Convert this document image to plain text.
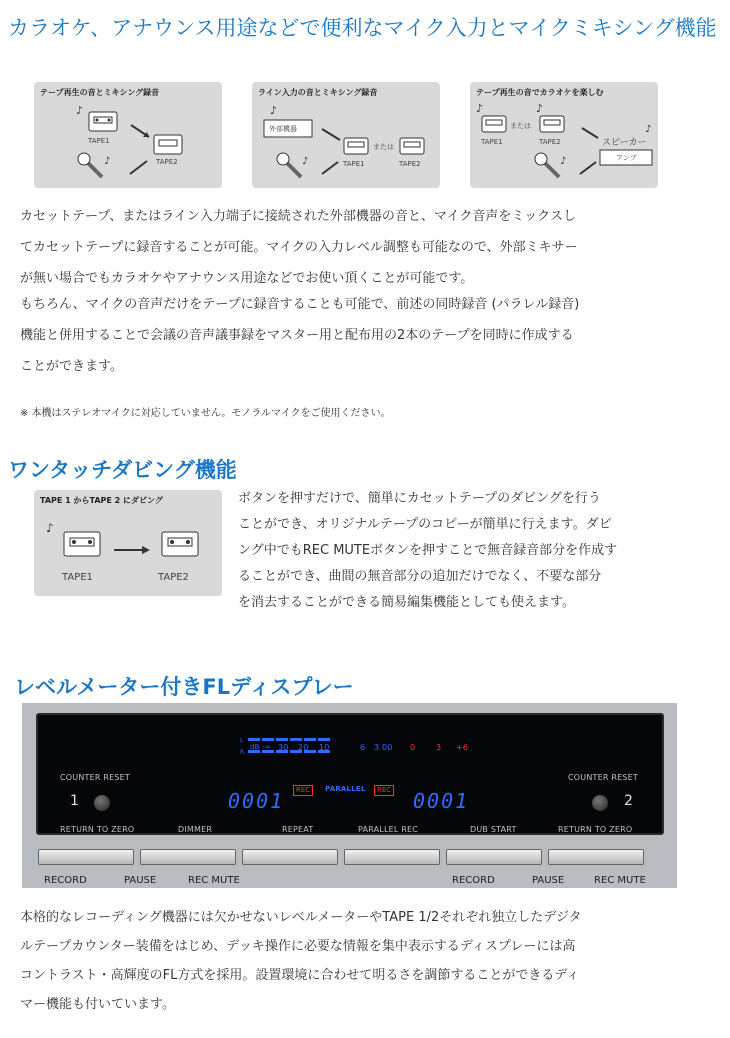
カラオケ、アナウンス用途などで便利なマイク入力とマイクミキシング機能
テープ再生の音とミキシング録音
♪
♪
TAPE1
TAPE2
ライン入力の音とミキシング録音
♪
♪
外部機器
または
TAPE1	TAPE2
テープ再生の音でカラオケを楽しむ
♪	♪
♪
♪
または
TAPE1	TAPE2	スピーカー
アンプ
カセットテープ、またはライン入力端子に接続された外部機器の音と、マイク音声をミックスし
てカセットテープに録音することが可能。マイクの入力レベル調整も可能なので、外部ミキサー
が無い場合でもカラオケやアナウンス用途などでお使い頂くことが可能です。
もちろん、マイクの音声だけをテープに録音することも可能で、前述の同時録音 (パラレル録音)
機能と併用することで会議の音声議事録をマスター用と配布用の2本のテープを同時に作成する
ことができます。
※ 本機はステレオマイクに対応していません。モノラルマイクをご使用ください。
ワンタッチダビング機能
TAPE 1 からTAPE 2 にダビング
♪
TAPE1	TAPE2
ボタンを押すだけで、簡単にカセットテープのダビングを行う
ことができ、オリジナルテープのコピーが簡単に行えます。ダビ
ング中でもREC MUTEボタンを押すことで無音録音部分を作成す
ることができ、曲間の無音部分の追加だけでなく、不要な部分
を消去することができる簡易編集機能としても使えます。
レベルメーター付きFLディスプレー
L
R
dB -∞ 30 20 10	6 3 00 0	3 +6
COUNTER RESET	COUNTER RESET
1	2
0001	REC	PARALLEL	REC 0001
RETURN TO ZERO	DIMMER	REPEAT	PARALLEL REC	DUB START	RETURN TO ZERO
RECORD	PAUSE	REC MUTE	RECORD	PAUSE	REC MUTE
本格的なレコーディング機器には欠かせないレベルメーターやTAPE 1/2それぞれ独立したデジタ
ルテープカウンター装備をはじめ、デッキ操作に必要な情報を集中表示するディスプレーには高
コントラスト・高輝度のFL方式を採用。設置環境に合わせて明るさを調節することができるディ
マー機能も付いています。
